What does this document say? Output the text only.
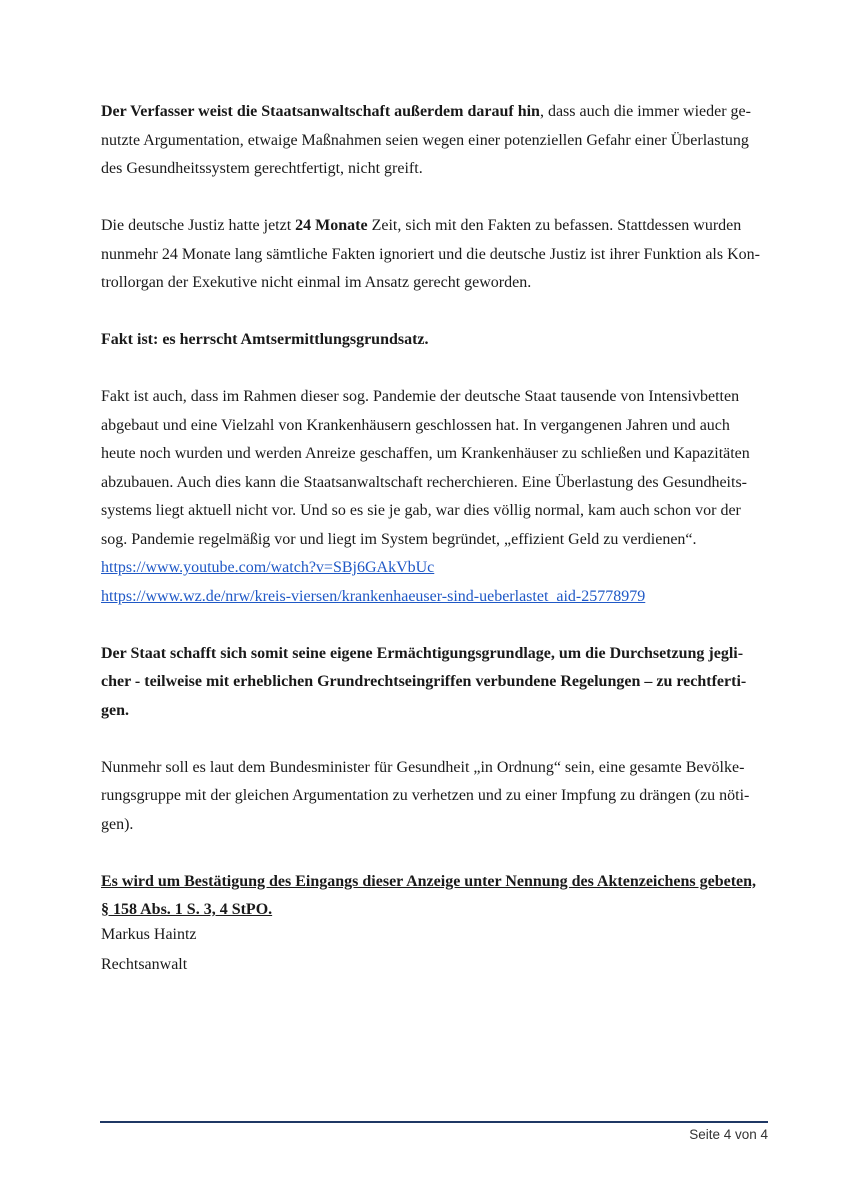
Der Verfasser weist die Staatsanwaltschaft außerdem darauf hin, dass auch die immer wieder ge-
nutzte Argumentation, etwaige Maßnahmen seien wegen einer potenziellen Gefahr einer Überlastung
des Gesundheitssystem gerechtfertigt, nicht greift.

Die deutsche Justiz hatte jetzt 24 Monate Zeit, sich mit den Fakten zu befassen. Stattdessen wurden
nunmehr 24 Monate lang sämtliche Fakten ignoriert und die deutsche Justiz ist ihrer Funktion als Kon-
trollorgan der Exekutive nicht einmal im Ansatz gerecht geworden.

Fakt ist: es herrscht Amtsermittlungsgrundsatz.

Fakt ist auch, dass im Rahmen dieser sog. Pandemie der deutsche Staat tausende von Intensivbetten
abgebaut und eine Vielzahl von Krankenhäusern geschlossen hat. In vergangenen Jahren und auch
heute noch wurden und werden Anreize geschaffen, um Krankenhäuser zu schließen und Kapazitäten
abzubauen. Auch dies kann die Staatsanwaltschaft recherchieren. Eine Überlastung des Gesundheits-
systems liegt aktuell nicht vor. Und so es sie je gab, war dies völlig normal, kam auch schon vor der
sog. Pandemie regelmäßig vor und liegt im System begründet, „effizient Geld zu verdienen“.
https://www.youtube.com/watch?v=SBj6GAkVbUc
https://www.wz.de/nrw/kreis-viersen/krankenhaeuser-sind-ueberlastet_aid-25778979

Der Staat schafft sich somit seine eigene Ermächtigungsgrundlage, um die Durchsetzung jegli-
cher - teilweise mit erheblichen Grundrechtseingriffen verbundene Regelungen – zu rechtferti-
gen.

Nunmehr soll es laut dem Bundesminister für Gesundheit „in Ordnung“ sein, eine gesamte Bevölke-
rungsgruppe mit der gleichen Argumentation zu verhetzen und zu einer Impfung zu drängen (zu nöti-
gen).

Es wird um Bestätigung des Eingangs dieser Anzeige unter Nennung des Aktenzeichens gebeten,
§ 158 Abs. 1 S. 3, 4 StPO.

Markus Haintz
Rechtsanwalt
Seite 4 von 4
